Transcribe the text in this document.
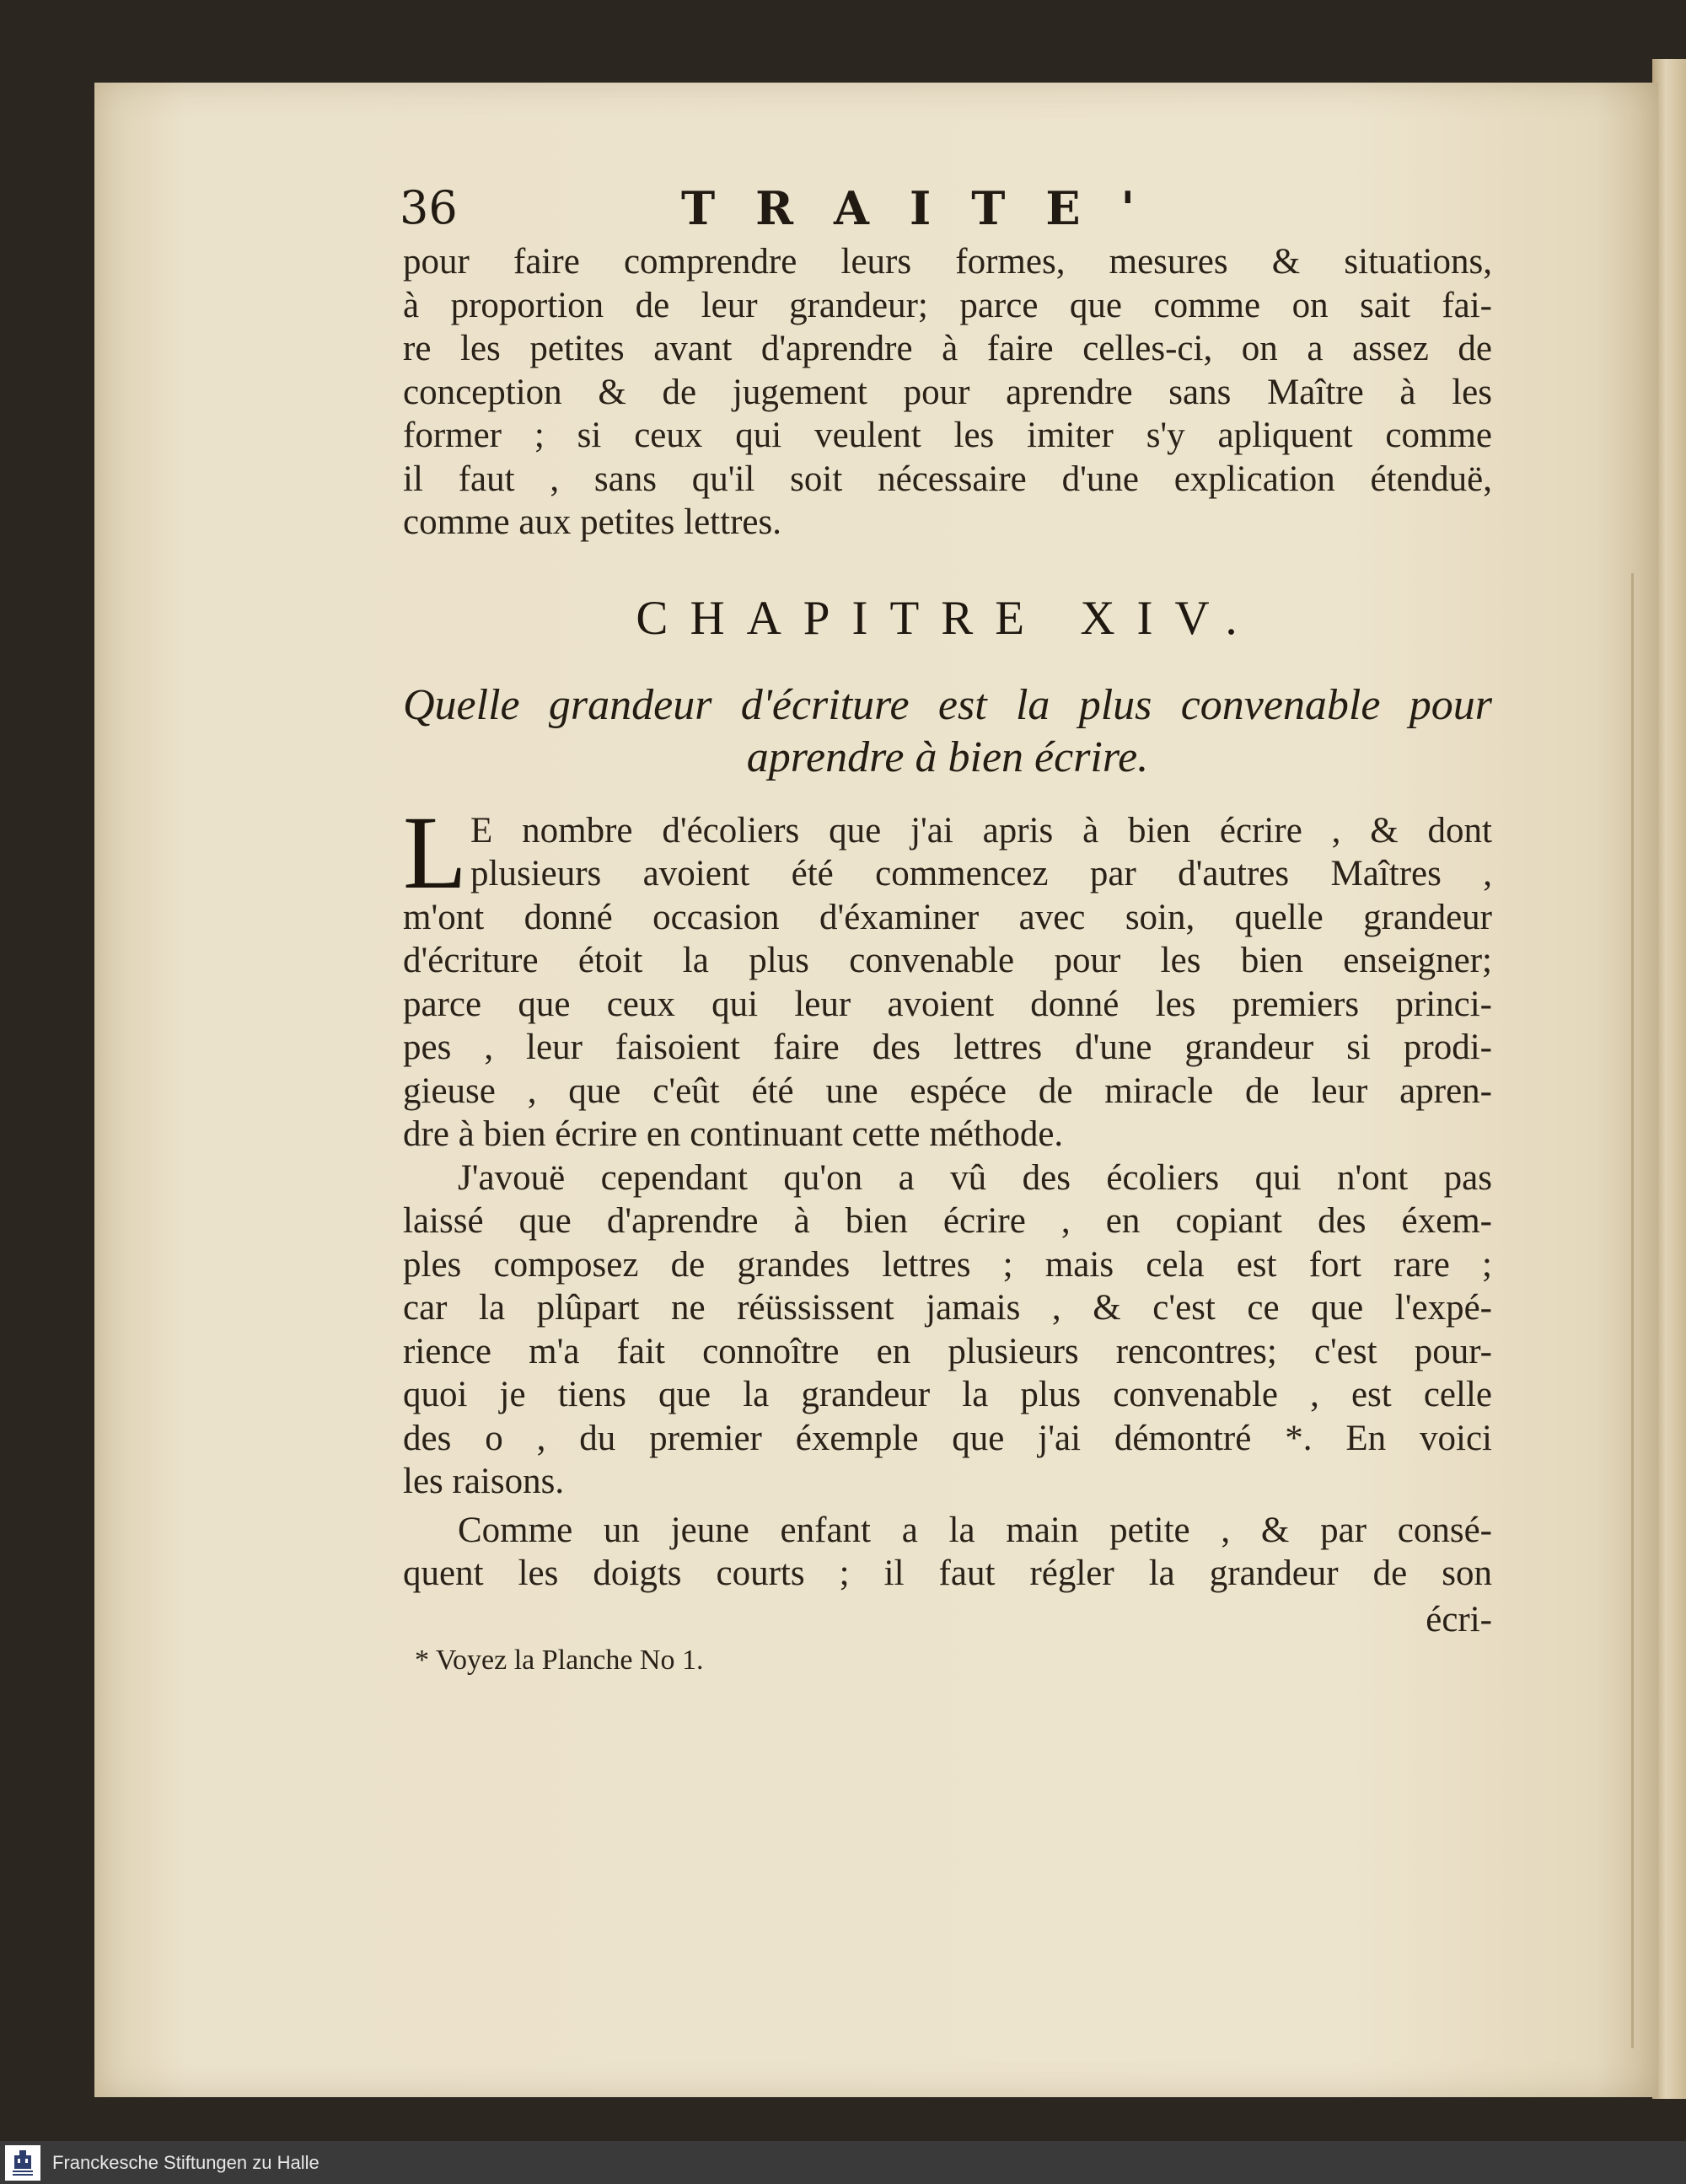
36	TRAITE'
pour faire comprendre leurs formes, mesures & situations,
à proportion de leur grandeur; parce que comme on sait fai-
re les petites avant d'aprendre à faire celles-ci, on a assez de
conception & de jugement pour aprendre sans Maître à les
former ; si ceux qui veulent les imiter s'y apliquent comme
il faut , sans qu'il soit nécessaire d'une explication étenduë,
comme aux petites lettres.
CHAPITRE XIV.
Quelle grandeur d'écriture est la plus convenable pour
aprendre à bien écrire.
L E nombre d'écoliers que j'ai apris à bien écrire , & dont
plusieurs avoient été commencez par d'autres Maîtres ,
m'ont donné occasion d'éxaminer avec soin, quelle grandeur
d'écriture étoit la plus convenable pour les bien enseigner;
parce que ceux qui leur avoient donné les premiers princi-
pes , leur faisoient faire des lettres d'une grandeur si prodi-
gieuse , que c'eût été une espéce de miracle de leur apren-
dre à bien écrire en continuant cette méthode.
J'avouë cependant qu'on a vû des écoliers qui n'ont pas
laissé que d'aprendre à bien écrire , en copiant des éxem-
ples composez de grandes lettres ; mais cela est fort rare ;
car la plûpart ne réüssissent jamais , & c'est ce que l'expé-
rience m'a fait connoître en plusieurs rencontres; c'est pour-
quoi je tiens que la grandeur la plus convenable , est celle
des o , du premier éxemple que j'ai démontré *. En voici
les raisons.
Comme un jeune enfant a la main petite , & par consé-
quent les doigts courts ; il faut régler la grandeur de son
écri-
* Voyez la Planche No 1.
Franckesche Stiftungen zu Halle
